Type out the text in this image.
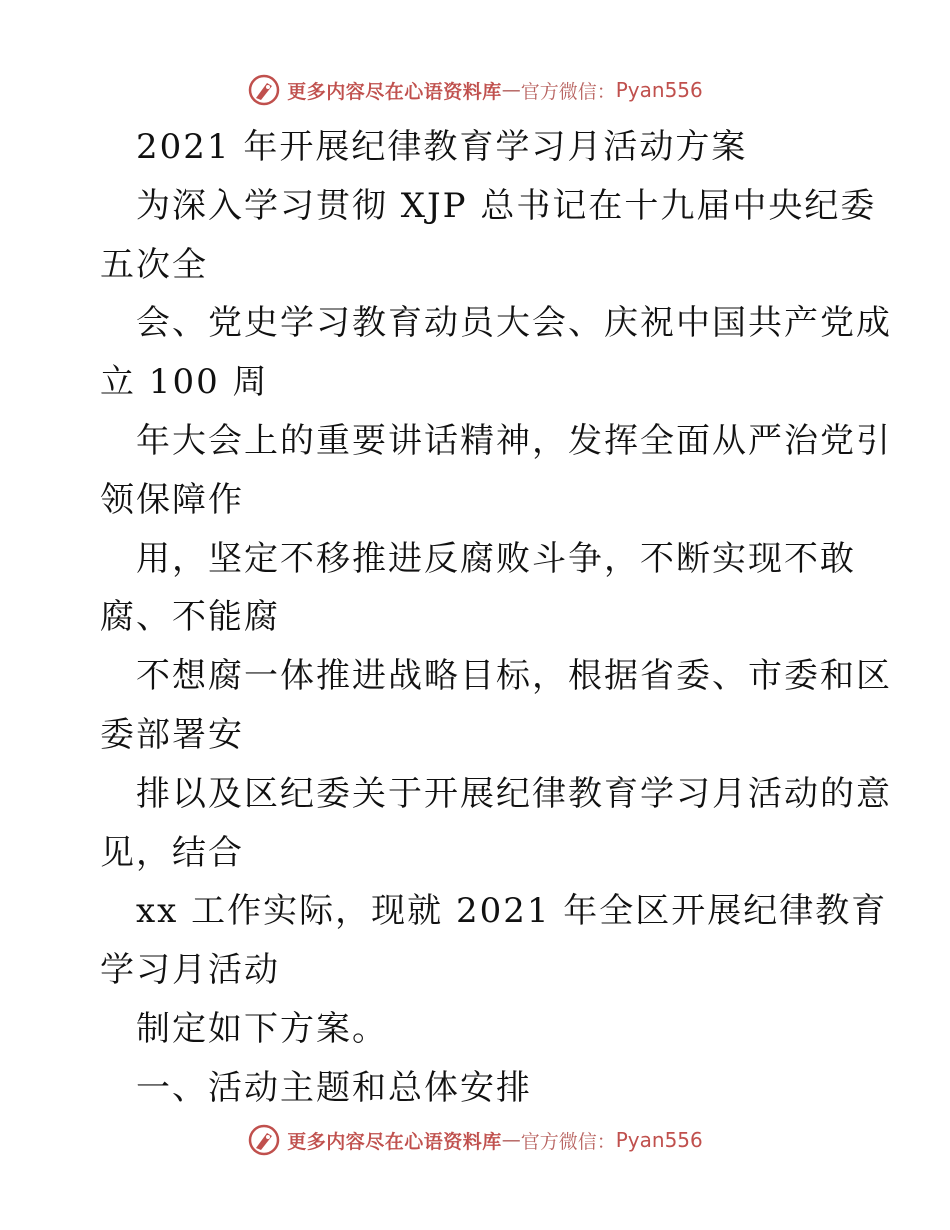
更多内容尽在心语资料库 — 官方微信： Pyan556
2021 年开展纪律教育学习月活动方案
为深入学习贯彻 XJP 总书记在十九届中央纪委
五次全
会、党史学习教育动员大会、庆祝中国共产党成
立 100 周
年大会上的重要讲话精神，发挥全面从严治党引
领保障作
用，坚定不移推进反腐败斗争，不断实现不敢
腐、不能腐
不想腐一体推进战略目标，根据省委、市委和区
委部署安
排以及区纪委关于开展纪律教育学习月活动的意
见，结合
xx 工作实际，现就 2021 年全区开展纪律教育
学习月活动
制定如下方案。
一、活动主题和总体安排
更多内容尽在心语资料库 — 官方微信： Pyan556
